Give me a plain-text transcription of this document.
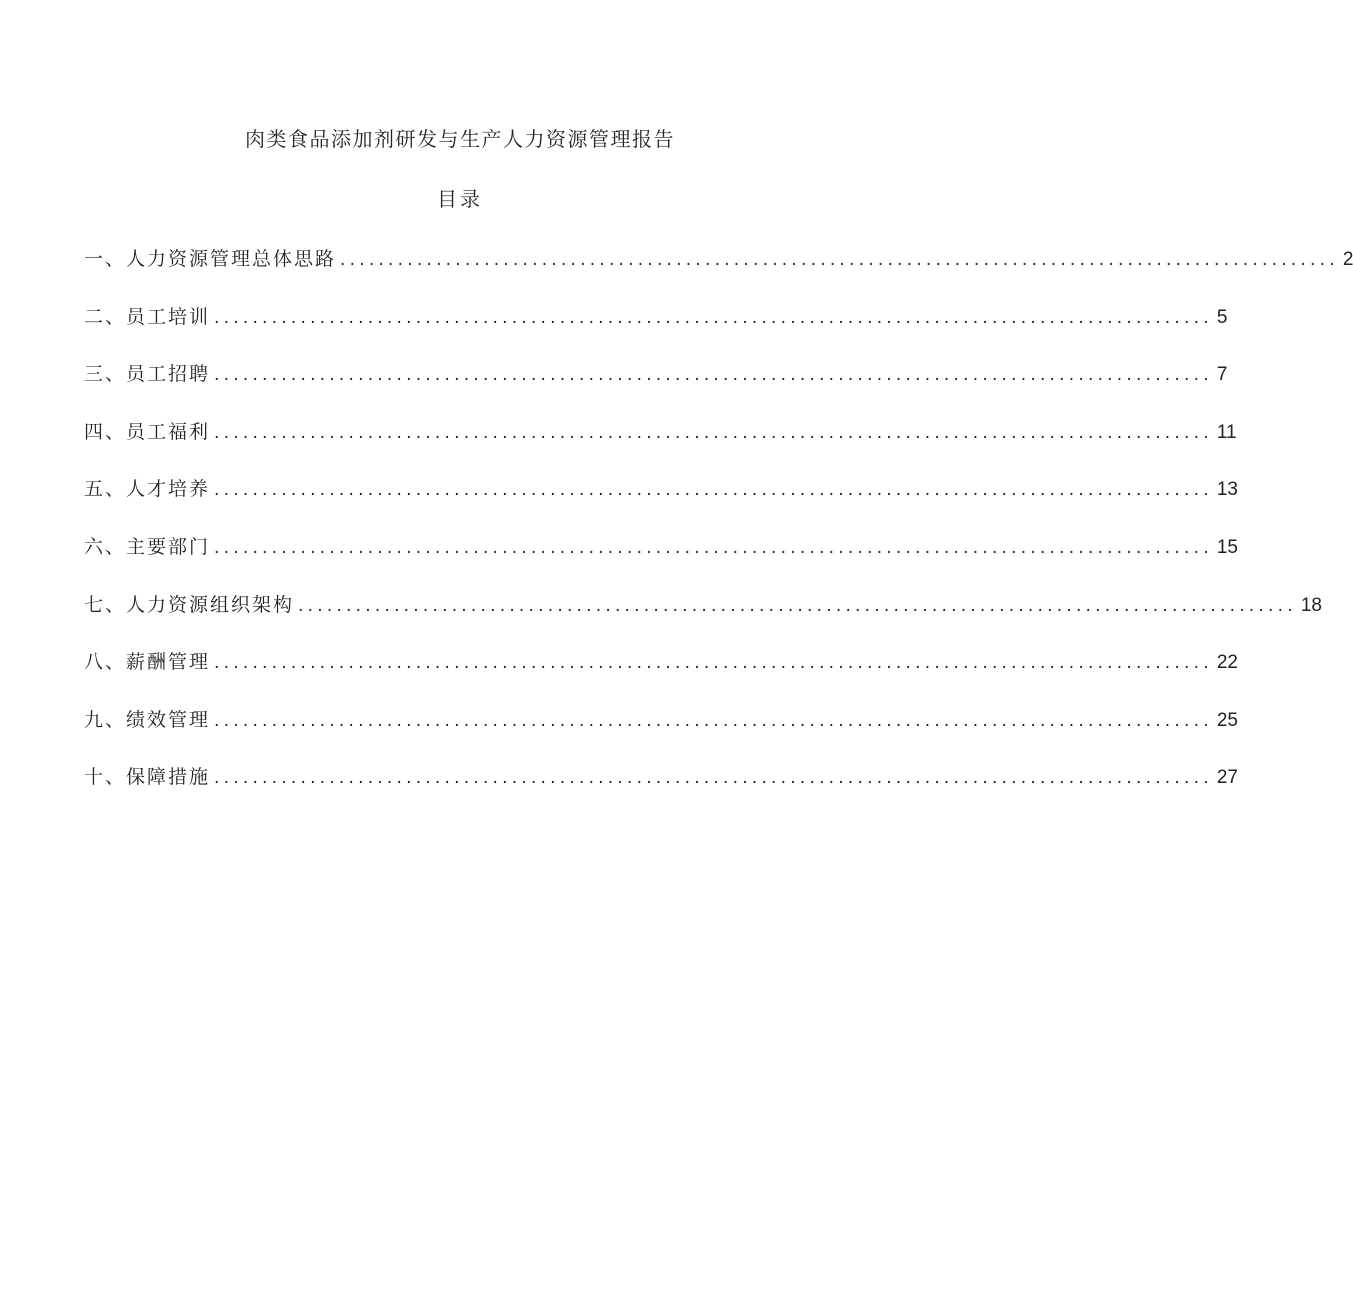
肉类食品添加剂研发与生产人力资源管理报告
目录
一、 人力资源管理总体思路 ........................................................................................................ 2
二、 员工培训 ........................................................................................................ 5
三、 员工招聘 ........................................................................................................ 7
四、 员工福利 ........................................................................................................ 11
五、 人才培养 ........................................................................................................ 13
六、 主要部门 ........................................................................................................ 15
七、 人力资源组织架构 ........................................................................................................ 18
八、 薪酬管理 ........................................................................................................ 22
九、 绩效管理 ........................................................................................................ 25
十、 保障措施 ........................................................................................................ 27
